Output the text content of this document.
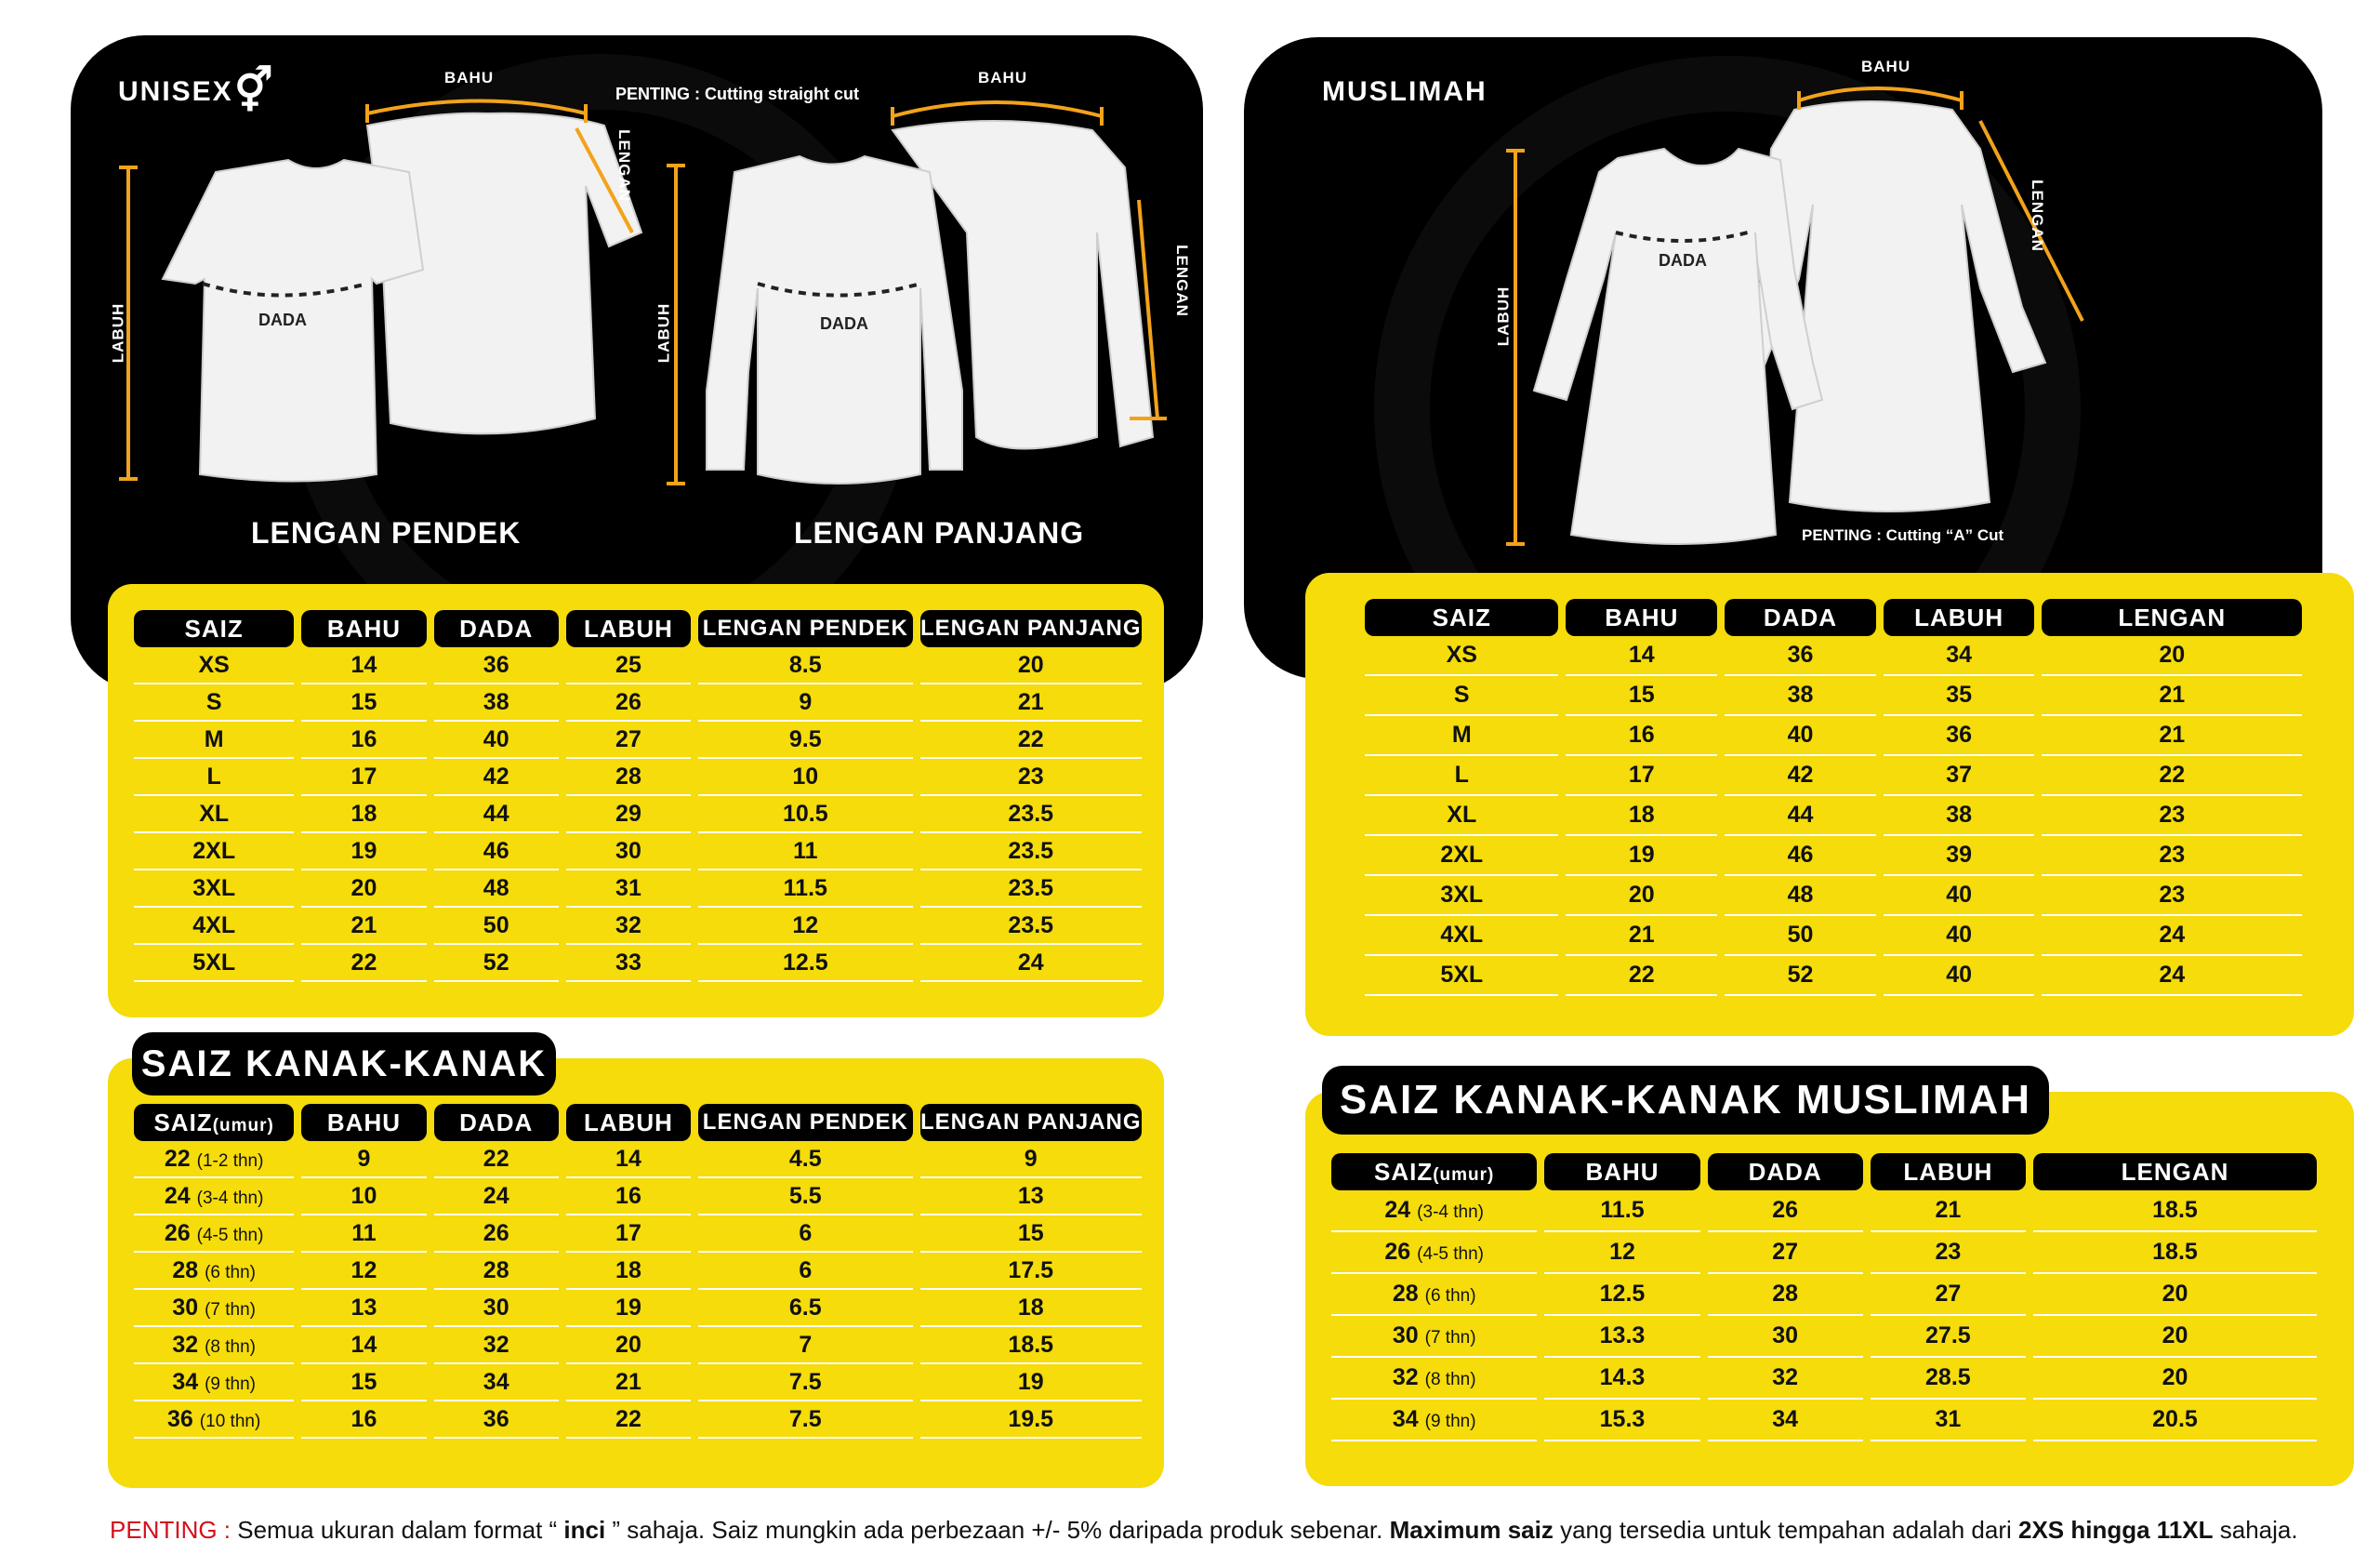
UNISEX ⚥	PENTING : Cutting straight cut
BAHU
LENGAN
LABUH	DADA
BAHU
LENGAN
LABUH	DADA
LENGAN PENDEK	LENGAN PANJANG
SAIZ	BAHU	DADA	LABUH	LENGAN PENDEK	LENGAN PANJANG
XS	14	36	25	8.5	20
S	15	38	26	9	21
M	16	40	27	9.5	22
L	17	42	28	10	23
XL	18	44	29	10.5	23.5
2XL	19	46	30	11	23.5
3XL	20	48	31	11.5	23.5
4XL	21	50	32	12	23.5
5XL	22	52	33	12.5	24
MUSLIMAH
BAHU
LENGAN
LABUH
DADA
PENTING : Cutting “A” Cut
SAIZ	BAHU	DADA	LABUH	LENGAN
XS	14	36	34	20
S	15	38	35	21
M	16	40	36	21
L	17	42	37	22
XL	18	44	38	23
2XL	19	46	39	23
3XL	20	48	40	23
4XL	21	50	40	24
5XL	22	52	40	24
SAIZ KANAK-KANAK
SAIZ(umur)	BAHU	DADA	LABUH	LENGAN PENDEK	LENGAN PANJANG
22 (1-2 thn)	9	22	14	4.5	9
24 (3-4 thn)	10	24	16	5.5	13
26 (4-5 thn)	11	26	17	6	15
28 (6 thn)	12	28	18	6	17.5
30 (7 thn)	13	30	19	6.5	18
32 (8 thn)	14	32	20	7	18.5
34 (9 thn)	15	34	21	7.5	19
36 (10 thn)	16	36	22	7.5	19.5
SAIZ KANAK-KANAK MUSLIMAH
SAIZ(umur)	BAHU	DADA	LABUH	LENGAN
24 (3-4 thn)	11.5	26	21	18.5
26 (4-5 thn)	12	27	23	18.5
28 (6 thn)	12.5	28	27	20
30 (7 thn)	13.3	30	27.5	20
32 (8 thn)	14.3	32	28.5	20
34 (9 thn)	15.3	34	31	20.5
PENTING : Semua ukuran dalam format “ inci ” sahaja. Saiz mungkin ada perbezaan +/- 5% daripada produk sebenar. Maximum saiz yang tersedia untuk tempahan adalah dari 2XS hingga 11XL sahaja.
